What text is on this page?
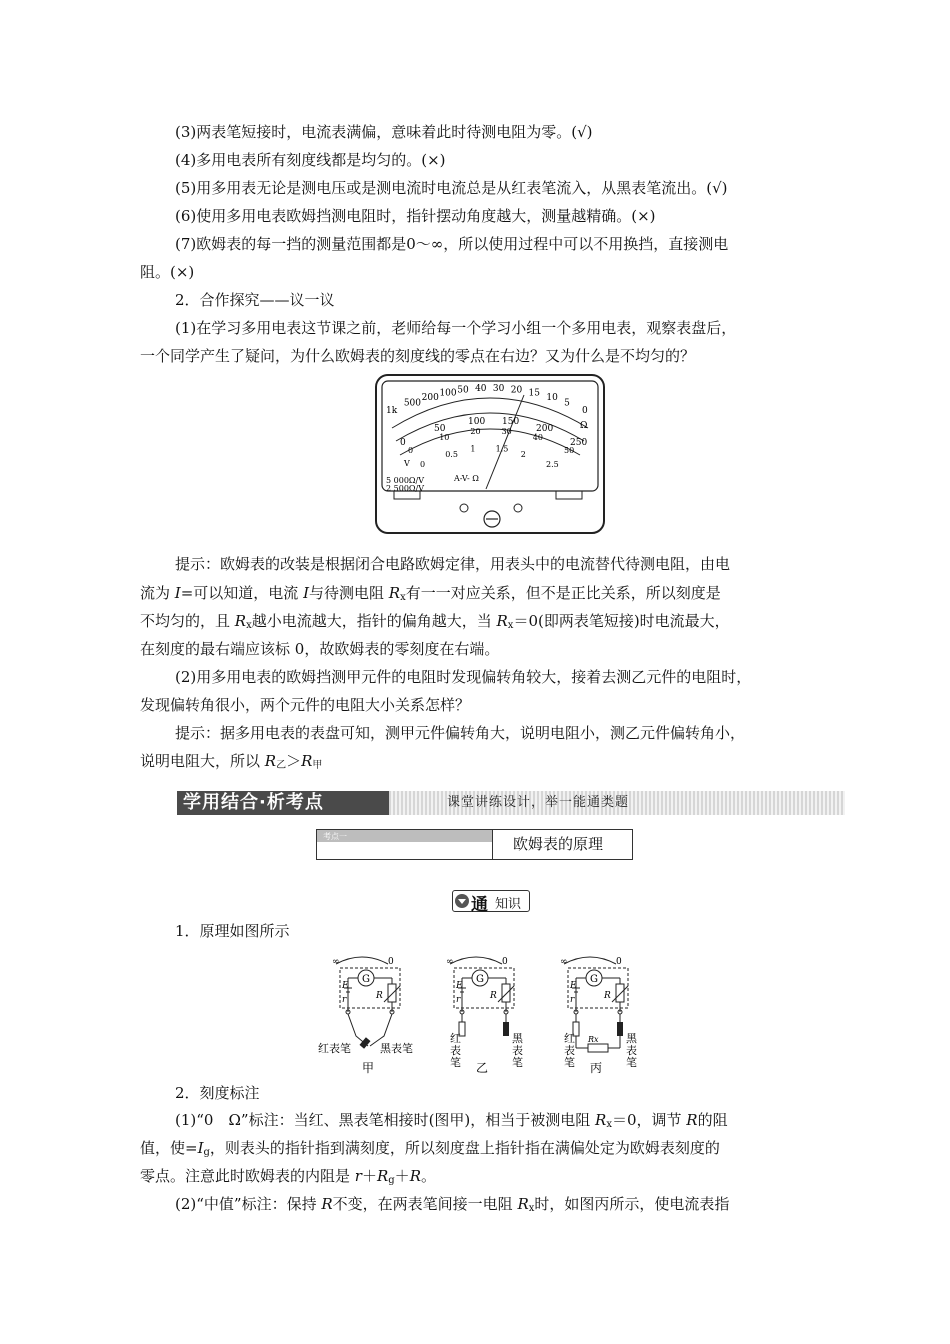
(3)两表笔短接时，电流表满偏，意味着此时待测电阻为零。(√)
(4)多用电表所有刻度线都是均匀的。(×)
(5)用多用表无论是测电压或是测电流时电流总是从红表笔流入，从黑表笔流出。(√)
(6)使用多用电表欧姆挡测电阻时，指针摆动角度越大，测量越精确。(×)
(7)欧姆表的每一挡的测量范围都是0～∞，所以使用过程中可以不用换挡，直接测电
阻。(×)
2．合作探究——议一议
(1)在学习多用电表这节课之前，老师给每一个学习小组一个多用电表，观察表盘后，
一个同学产生了疑问，为什么欧姆表的刻度线的零点在右边？又为什么是不均匀的？
1k
500
200 100 50 40 30 20 15 10
5
0
0
50
100 150
200
250
0
10
20	30
40
50
0
0.5
1	1.5
2
2.5
Ω
V
A-V- Ω
5 000Ω/V
2 500Ω/V
提示：欧姆表的改装是根据闭合电路欧姆定律，用表头中的电流替代待测电阻，由电
流为 I=可以知道，电流 I与待测电阻 Rx有一一对应关系，但不是正比关系，所以刻度是
不均匀的，且 Rx越小电流越大，指针的偏角越大，当 Rx＝0(即两表笔短接)时电流最大，
在刻度的最右端应该标 0，故欧姆表的零刻度在右端。
(2)用多用电表的欧姆挡测甲元件的电阻时发现偏转角较大，接着去测乙元件的电阻时，
发现偏转角很小，两个元件的电阻大小关系怎样？
提示：据多用电表的表盘可知，测甲元件偏转角大，说明电阻小，测乙元件偏转角小，
说明电阻大，所以 R乙＞R甲
学用结合·析考点	课堂讲练设计，举一能通类题
考点一	欧姆表的原理
通 知识
1．原理如图所示
∞	0
G
E
r	R
红表笔	黑表笔
甲
∞	0
G
E
r	R
红
表
笔
黑
表
笔
乙
∞	0
G
E
r	R
红
表
笔
黑
表
笔
Rx
丙
2．刻度标注
(1)“0　Ω”标注：当红、黑表笔相接时(图甲)，相当于被测电阻 Rx＝0，调节 R的阻
值，使=Ig，则表头的指针指到满刻度，所以刻度盘上指针指在满偏处定为欧姆表刻度的
零点。注意此时欧姆表的内阻是 r＋Rg＋R。
(2)“中值”标注：保持 R不变，在两表笔间接一电阻 Rx时，如图丙所示，使电流表指
